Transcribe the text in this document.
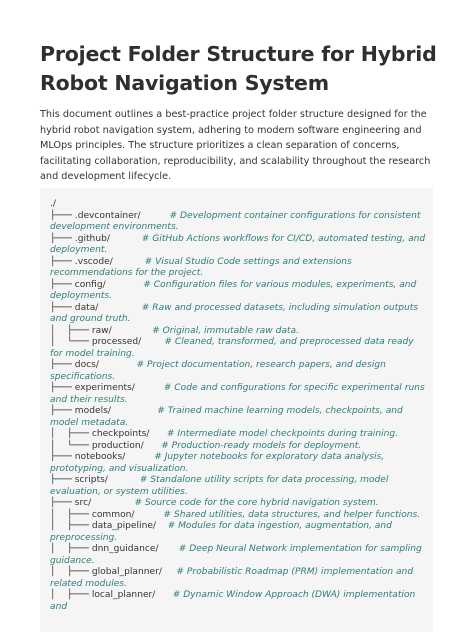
Project Folder Structure for Hybrid Robot Navigation System

This document outlines a best-practice project folder structure designed for the hybrid robot navigation system, adhering to modern software engineering and MLOps principles. The structure prioritizes a clean separation of concerns, facilitating collaboration, reproducibility, and scalability throughout the research and development lifecycle.

./
├─── .devcontainer/	# Development container configurations for consistent development environments.
├─── .github/	# GitHub Actions workflows for CI/CD, automated testing, and deployment.
├─── .vscode/	# Visual Studio Code settings and extensions recommendations for the project.
├─── config/	# Configuration files for various modules, experiments, and deployments.
├─── data/	# Raw and processed datasets, including simulation outputs and ground truth.
│    ├─── raw/	# Original, immutable raw data.
│    └─── processed/	# Cleaned, transformed, and preprocessed data ready for model training.
├─── docs/	# Project documentation, research papers, and design specifications.
├─── experiments/	# Code and configurations for specific experimental runs and their results.
├─── models/	# Trained machine learning models, checkpoints, and model metadata.
│    ├─── checkpoints/ # Intermediate model checkpoints during training.
│    └─── production/ # Production-ready models for deployment.
├─── notebooks/	# Jupyter notebooks for exploratory data analysis, prototyping, and visualization.
├─── scripts/	# Standalone utility scripts for data processing, model evaluation, or system utilities.
├─── src/	# Source code for the core hybrid navigation system.
│    ├─── common/	# Shared utilities, data structures, and helper functions.
│    ├─── data_pipeline/ # Modules for data ingestion, augmentation, and preprocessing.
│    ├─── dnn_guidance/ # Deep Neural Network implementation for sampling guidance.
│    ├─── global_planner/ # Probabilistic Roadmap (PRM) implementation and related modules.
│    ├─── local_planner/ # Dynamic Window Approach (DWA) implementation and
